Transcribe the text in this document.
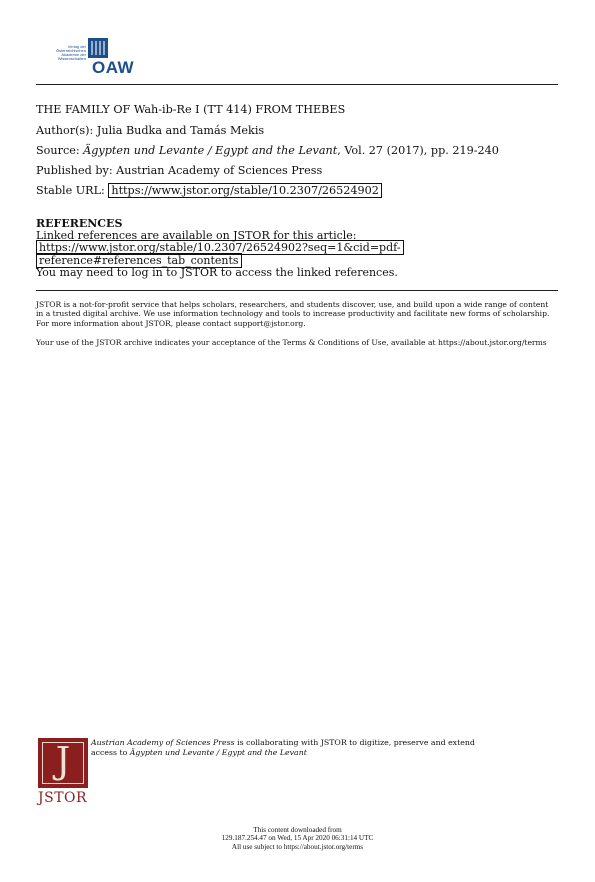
Verlag der
Österreichischen
Akademie der
Wissenschaften OAW
THE FAMILY OF Wah-ib-Re I (TT 414) FROM THEBES
Author(s): Julia Budka and Tamás Mekis
Source: Ägypten und Levante / Egypt and the Levant, Vol. 27 (2017), pp. 219-240
Published by: Austrian Academy of Sciences Press
Stable URL: https://www.jstor.org/stable/10.2307/26524902
REFERENCES
Linked references are available on JSTOR for this article:
https://www.jstor.org/stable/10.2307/26524902?seq=1&cid=pdf-
reference#references_tab_contents
You may need to log in to JSTOR to access the linked references.
JSTOR is a not-for-profit service that helps scholars, researchers, and students discover, use, and build upon a wide range of content in a trusted digital archive. We use information technology and tools to increase productivity and facilitate new forms of scholarship. For more information about JSTOR, please contact support@jstor.org.
Your use of the JSTOR archive indicates your acceptance of the Terms & Conditions of Use, available at https://about.jstor.org/terms
J
JSTOR
Austrian Academy of Sciences Press is collaborating with JSTOR to digitize, preserve and extend access to Ägypten und Levante / Egypt and the Levant
This content downloaded from
129.187.254.47 on Wed, 15 Apr 2020 06:31:14 UTC
All use subject to https://about.jstor.org/terms
